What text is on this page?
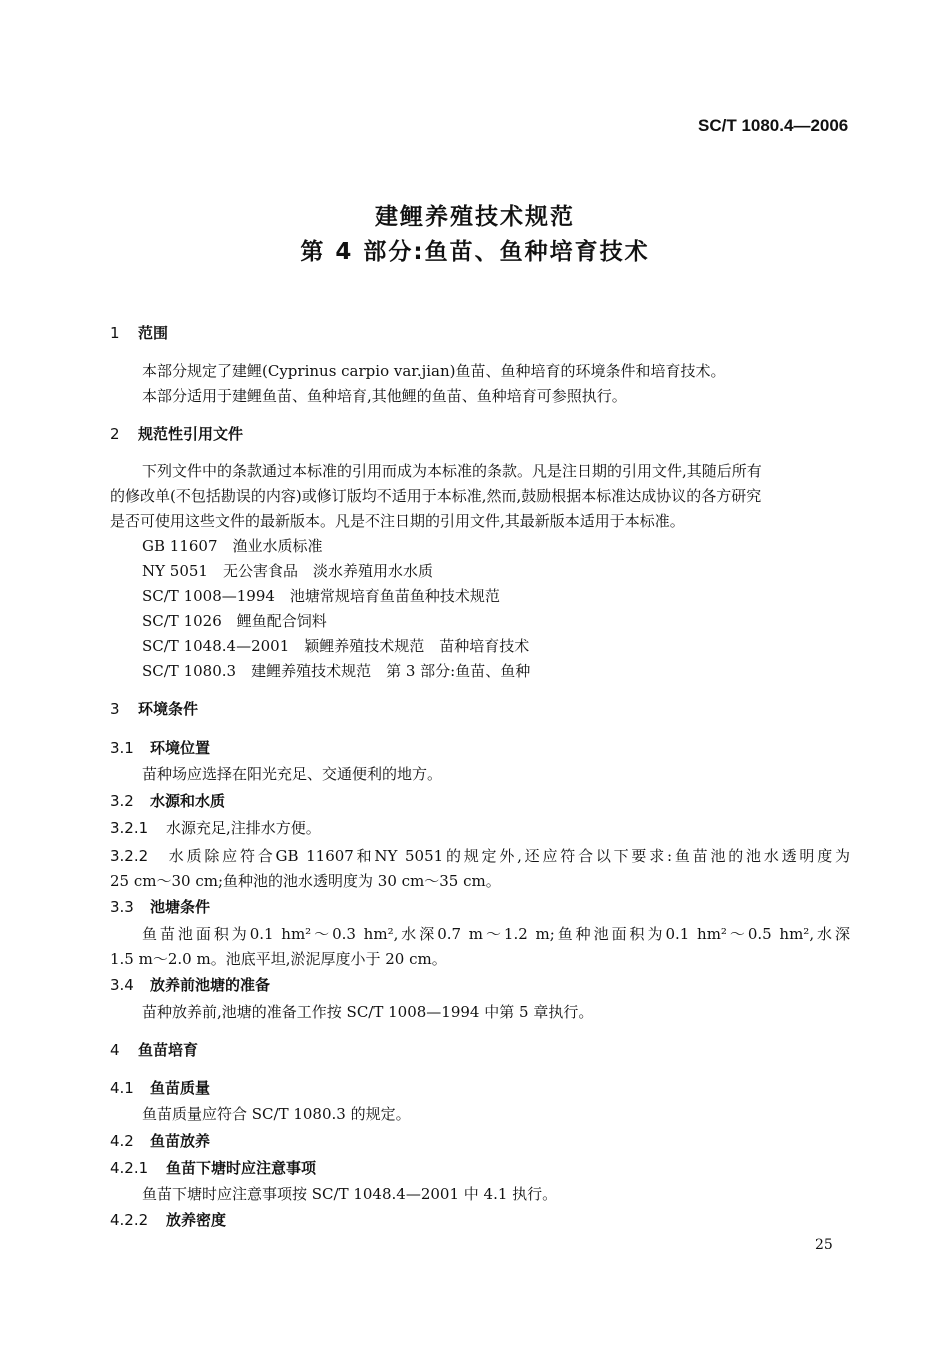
SC/T 1080.4—2006
建鲤养殖技术规范
第 4 部分:鱼苗、鱼种培育技术
1 范围
本部分规定了建鲤(Cyprinus carpio var.jian)鱼苗、鱼种培育的环境条件和培育技术。
本部分适用于建鲤鱼苗、鱼种培育,其他鲤的鱼苗、鱼种培育可参照执行。
2 规范性引用文件
下列文件中的条款通过本标准的引用而成为本标准的条款。凡是注日期的引用文件,其随后所有
的修改单(不包括勘误的内容)或修订版均不适用于本标准,然而,鼓励根据本标准达成协议的各方研究
是否可使用这些文件的最新版本。凡是不注日期的引用文件,其最新版本适用于本标准。
GB 11607　渔业水质标准
NY 5051　无公害食品　淡水养殖用水水质
SC/T 1008—1994　池塘常规培育鱼苗鱼种技术规范
SC/T 1026　鲤鱼配合饲料
SC/T 1048.4—2001　颖鲤养殖技术规范　苗种培育技术
SC/T 1080.3　建鲤养殖技术规范　第 3 部分:鱼苗、鱼种
3 环境条件
3.1 环境位置
苗种场应选择在阳光充足、交通便利的地方。
3.2 水源和水质
3.2.1 水源充足,注排水方便。
3.2.2 水质除应符合GB 11607和NY 5051的规定外,还应符合以下要求:鱼苗池的池水透明度为
25 cm～30 cm;鱼种池的池水透明度为 30 cm～35 cm。
3.3 池塘条件
鱼苗池面积为0.1 hm²～0.3 hm²,水深0.7 m～1.2 m;鱼种池面积为0.1 hm²～0.5 hm²,水深
1.5 m～2.0 m。池底平坦,淤泥厚度小于 20 cm。
3.4 放养前池塘的准备
苗种放养前,池塘的准备工作按 SC/T 1008—1994 中第 5 章执行。
4 鱼苗培育
4.1 鱼苗质量
鱼苗质量应符合 SC/T 1080.3 的规定。
4.2 鱼苗放养
4.2.1 鱼苗下塘时应注意事项
鱼苗下塘时应注意事项按 SC/T 1048.4—2001 中 4.1 执行。
4.2.2 放养密度
25
